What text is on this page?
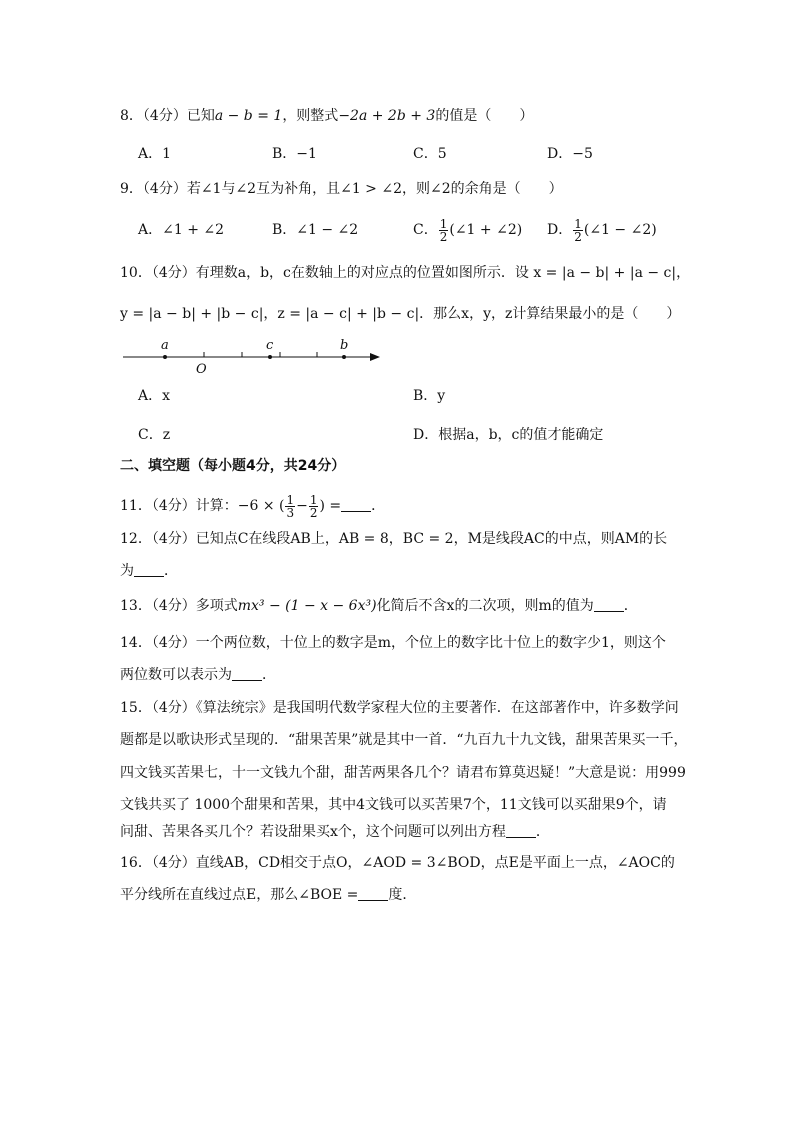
8．（4分）已知a − b = 1，则整式−2a + 2b + 3的值是（　　）
A．1	B．−1	C．5	D．−5
9．（4分）若∠1与∠2互为补角，且∠1 > ∠2，则∠2的余角是（　　）
A．∠1 + ∠2	B．∠1 − ∠2	C． $\frac{1}{2}$ (∠1 + ∠2) D． $\frac{1}{2}$ (∠1 − ∠2)
10．（4分）有理数a，b，c在数轴上的对应点的位置如图所示．设 x = |a − b| + |a − c|，
y = |a − b| + |b − c|，z = |a − c| + |b − c|．那么x，y，z计算结果最小的是（　　）
a
O
c	b
A．x	B．y
C．z	D．根据a，b，c的值才能确定
二、填空题（每小题4分，共24分）
11．（4分）计算：−6 × ( $\frac{1}{3} - \frac{1}{2}$ ) = ．
12．（4分）已知点C在线段AB上，AB = 8，BC = 2，M是线段AC的中点，则AM的长
为 ．
13．（4分）多项式mx³ − (1 − x − 6x³)化简后不含x的二次项，则m的值为 ．
14．（4分）一个两位数，十位上的数字是m，个位上的数字比十位上的数字少1，则这个
两位数可以表示为 ．
15．（4分）《算法统宗》是我国明代数学家程大位的主要著作．在这部著作中，许多数学问
题都是以歌诀形式呈现的．“甜果苦果”就是其中一首．“九百九十九文钱，甜果苦果买一千，
四文钱买苦果七，十一文钱九个甜，甜苦两果各几个？请君布算莫迟疑！”大意是说：用999
文钱共买了 1000个甜果和苦果，其中4文钱可以买苦果7个，11文钱可以买甜果9个，请
问甜、苦果各买几个？若设甜果买x个，这个问题可以列出方程 ．
16．（4分）直线AB，CD相交于点O，∠AOD = 3∠BOD，点E是平面上一点，∠AOC的
平分线所在直线过点E，那么∠BOE = 度．
